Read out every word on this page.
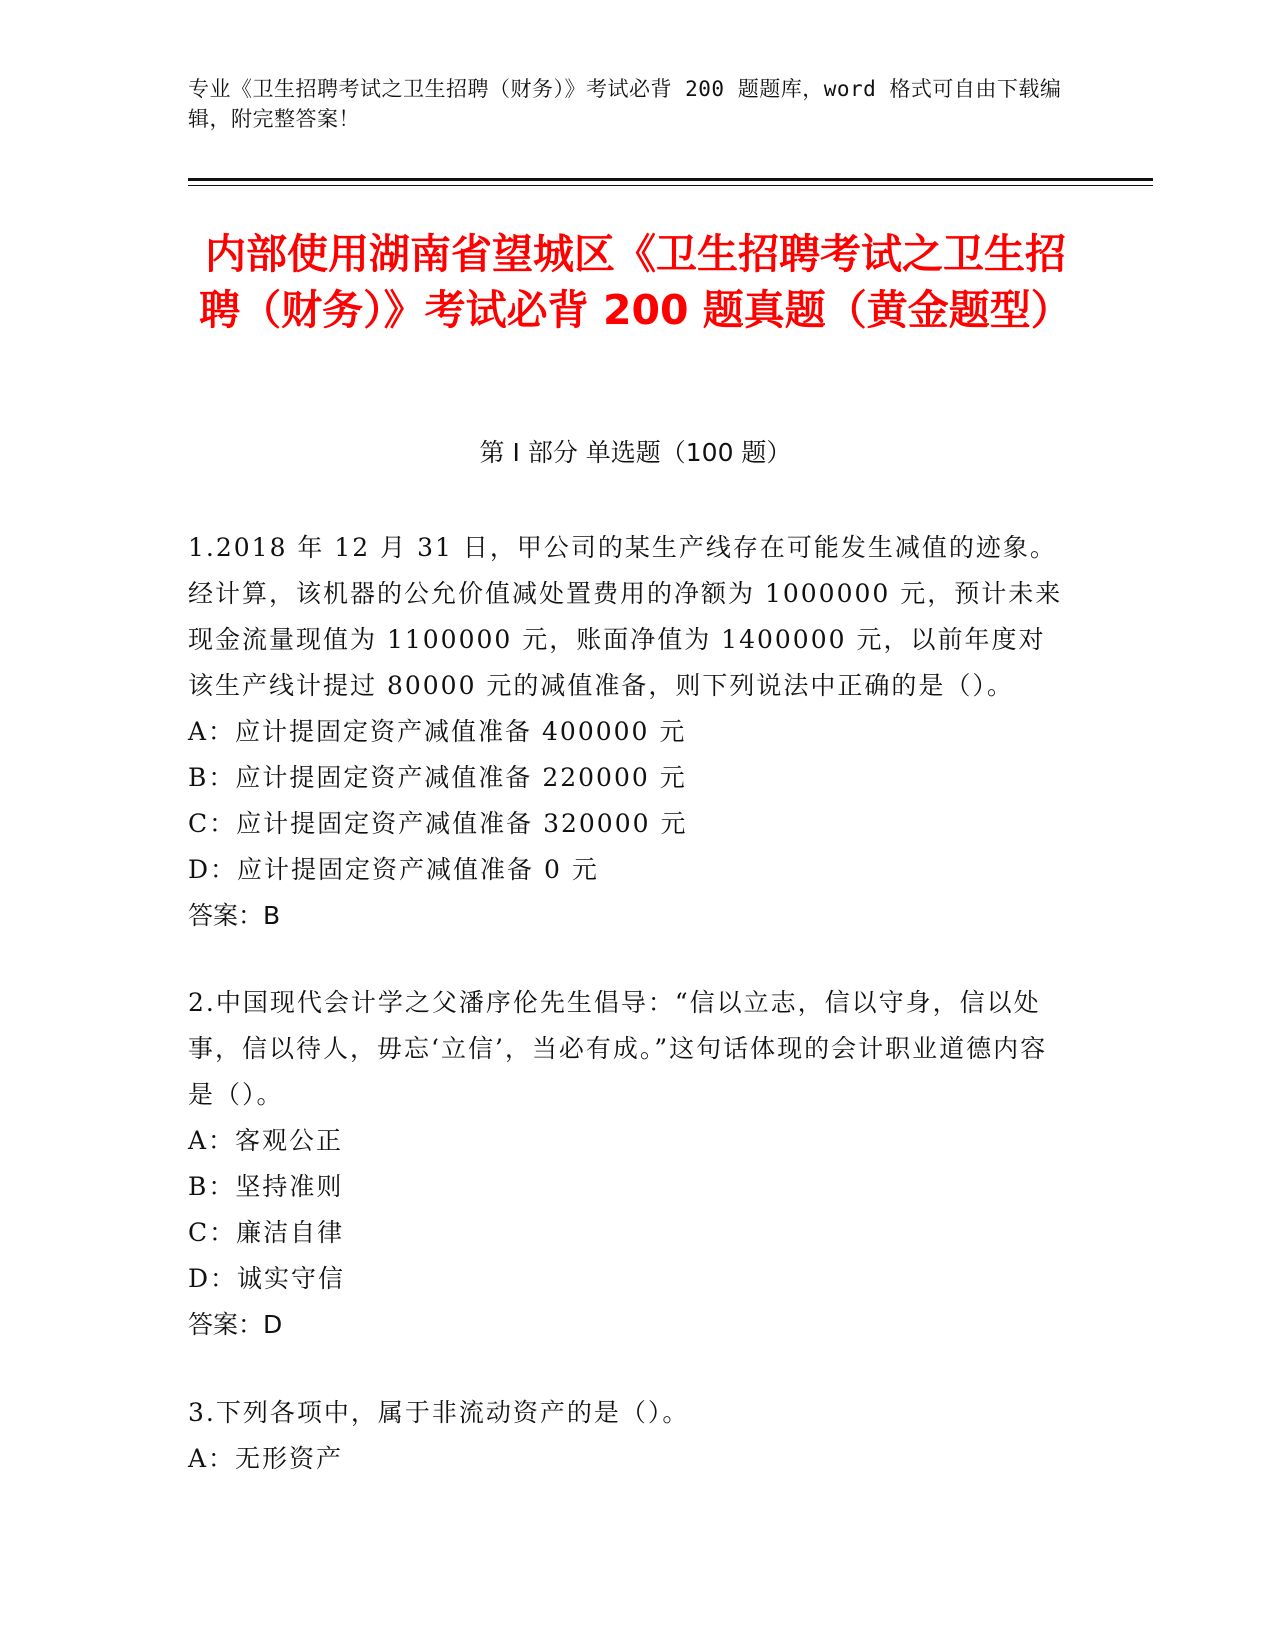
专业《卫生招聘考试之卫生招聘（财务）》考试必背 200 题题库，word 格式可自由下载编辑，附完整答案！
内部使用湖南省望城区《卫生招聘考试之卫生招聘（财务）》考试必背 200 题真题（黄金题型）
第 I 部分 单选题（100 题）

1.2018 年 12 月 31 日，甲公司的某生产线存在可能发生减值的迹象。经计算，该机器的公允价值减处置费用的净额为 1000000 元，预计未来现金流量现值为 1100000 元，账面净值为 1400000 元，以前年度对该生产线计提过 80000 元的减值准备，则下列说法中正确的是（）。

A：应计提固定资产减值准备 400000 元

B：应计提固定资产减值准备 220000 元

C：应计提固定资产减值准备 320000 元

D：应计提固定资产减值准备 0 元

答案：B

2.中国现代会计学之父潘序伦先生倡导：“信以立志，信以守身，信以处事，信以待人，毋忘‘立信’，当必有成。”这句话体现的会计职业道德内容是（）。

A：客观公正

B：坚持准则

C：廉洁自律

D：诚实守信

答案：D

3.下列各项中，属于非流动资产的是（）。

A：无形资产
